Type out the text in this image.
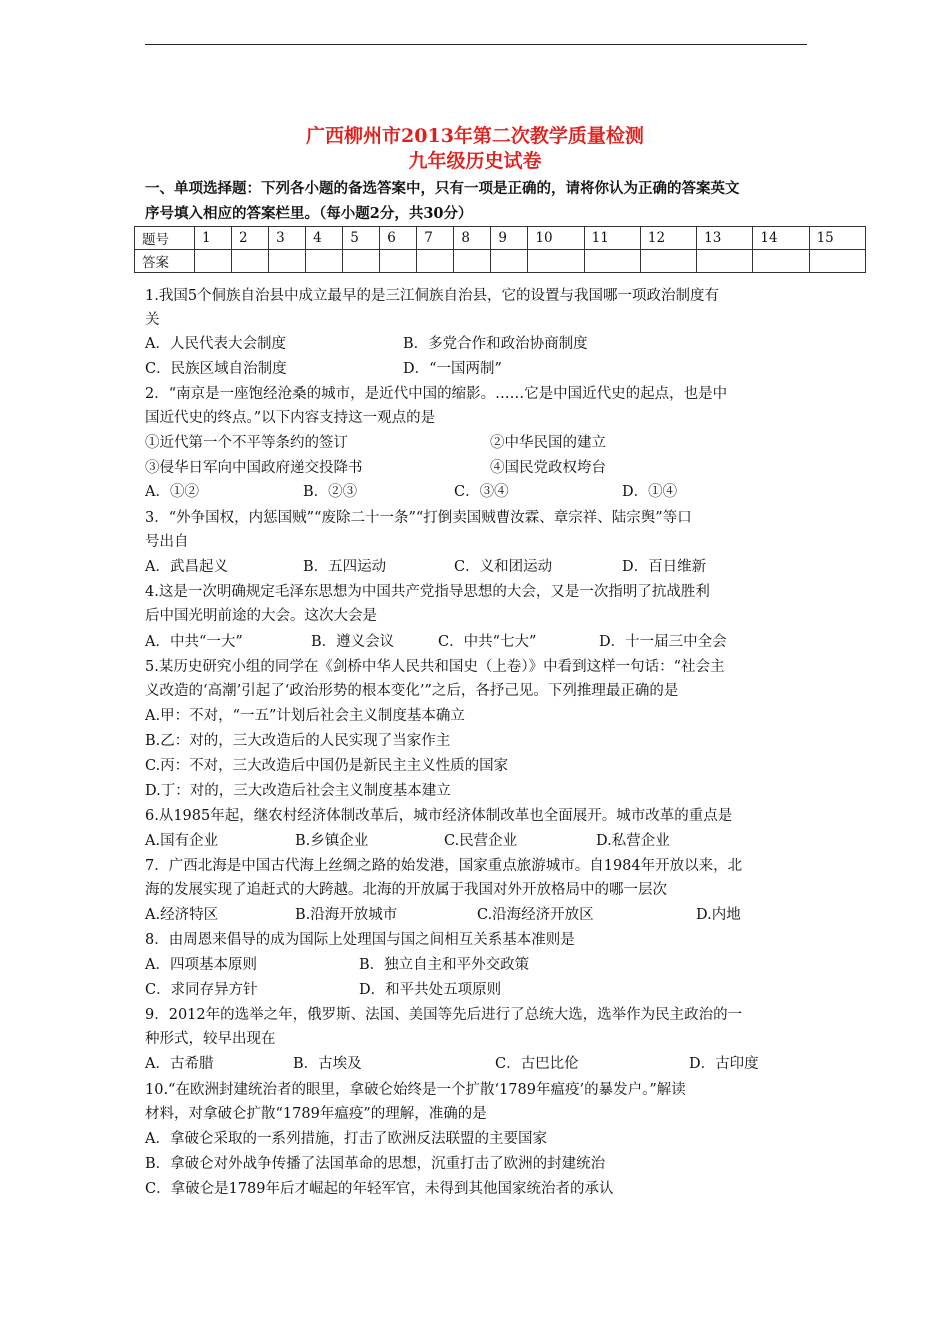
广西柳州市2013年第二次教学质量检测
九年级历史试卷
一、单项选择题：下列各小题的备选答案中，只有一项是正确的，请将你认为正确的答案英文
序号填入相应的答案栏里。（每小题2分，共30分）
题号	1	2	3	4	5	6	7	8	9	10	11	12	13	14	15
答案															
1.我国5个侗族自治县中成立最早的是三江侗族自治县，它的设置与我国哪一项政治制度有
关
A．人民代表大会制度	B．多党合作和政治协商制度
C．民族区域自治制度	D．“一国两制”
2．“南京是一座饱经沧桑的城市，是近代中国的缩影。……它是中国近代史的起点，也是中
国近代史的终点。”以下内容支持这一观点的是
①近代第一个不平等条约的签订	②中华民国的建立
③侵华日军向中国政府递交投降书	④国民党政权垮台
A．①②	B．②③	C．③④	D．①④
3．“外争国权，内惩国贼”“废除二十一条”“打倒卖国贼曹汝霖、章宗祥、陆宗舆”等口
号出自
A．武昌起义	B．五四运动	C．义和团运动	D．百日维新
4.这是一次明确规定毛泽东思想为中国共产党指导思想的大会，又是一次指明了抗战胜利
后中国光明前途的大会。这次大会是
A．中共“一大”	B．遵义会议	C．中共“七大”	D．十一届三中全会
5.某历史研究小组的同学在《剑桥中华人民共和国史（上卷）》中看到这样一句话：“社会主
义改造的‘高潮’引起了‘政治形势的根本变化’”之后，各抒己见。下列推理最正确的是
A.甲：不对，“一五”计划后社会主义制度基本确立
B.乙：对的，三大改造后的人民实现了当家作主
C.丙：不对，三大改造后中国仍是新民主主义性质的国家
D.丁：对的，三大改造后社会主义制度基本建立
6.从1985年起，继农村经济体制改革后，城市经济体制改革也全面展开。城市改革的重点是
A.国有企业	B.乡镇企业	C.民营企业	D.私营企业
7．广西北海是中国古代海上丝绸之路的始发港，国家重点旅游城市。自1984年开放以来，北
海的发展实现了追赶式的大跨越。北海的开放属于我国对外开放格局中的哪一层次
A.经济特区	B.沿海开放城市	C.沿海经济开放区	D.内地
8．由周恩来倡导的成为国际上处理国与国之间相互关系基本准则是
A．四项基本原则	B．独立自主和平外交政策
C．求同存异方针	D．和平共处五项原则
9．2012年的选举之年，俄罗斯、法国、美国等先后进行了总统大选，选举作为民主政治的一
种形式，较早出现在
A．古希腊	B．古埃及	C．古巴比伦	D．古印度
10.“在欧洲封建统治者的眼里，拿破仑始终是一个扩散‘1789年瘟疫’的暴发户。”解读
材料，对拿破仑扩散“1789年瘟疫”的理解，准确的是
A．拿破仑采取的一系列措施，打击了欧洲反法联盟的主要国家
B．拿破仑对外战争传播了法国革命的思想，沉重打击了欧洲的封建统治
C．拿破仑是1789年后才崛起的年轻军官，未得到其他国家统治者的承认
